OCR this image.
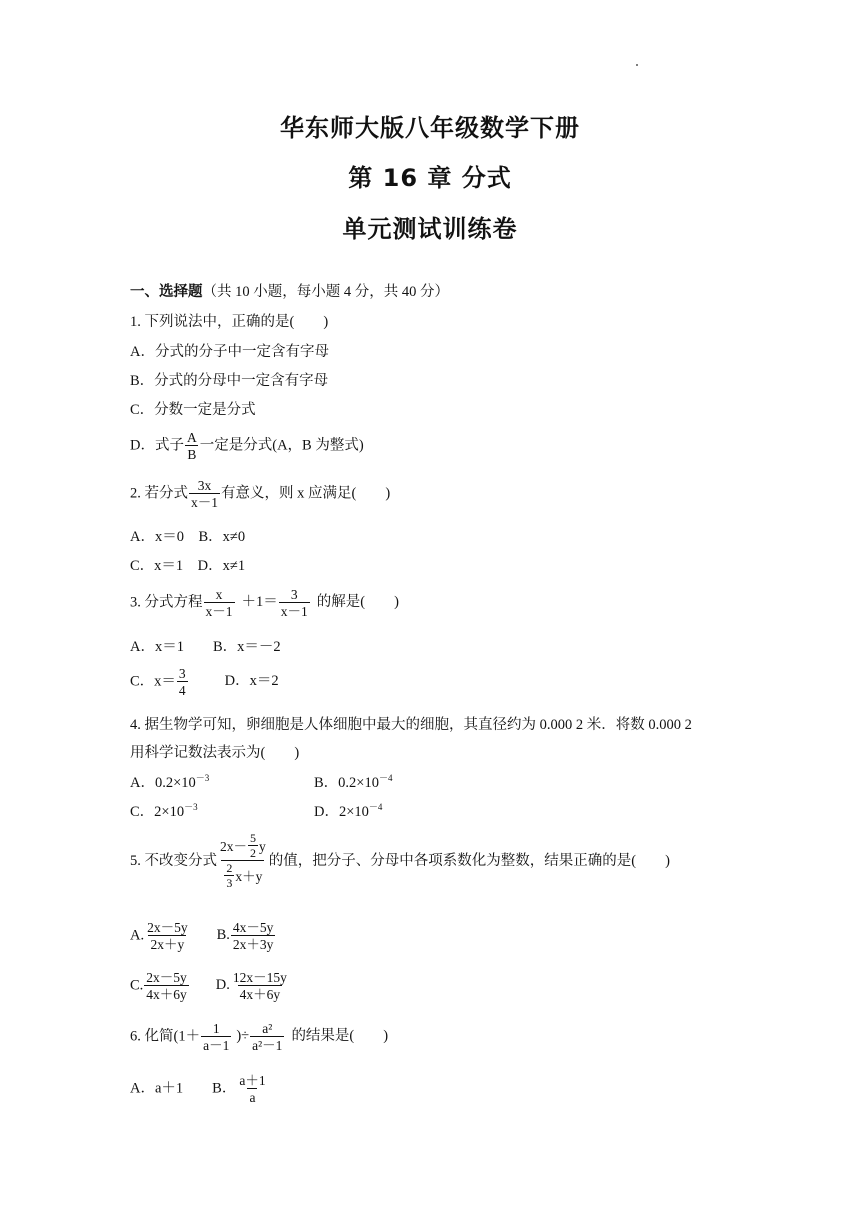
华东师大版八年级数学下册
第 16 章 分式
单元测试训练卷
一、选择题（共 10 小题，每小题 4 分，共 40 分）
1. 下列说法中，正确的是(　　)
A．分式的分子中一定含有字母
B．分式的分母中一定含有字母
C．分数一定是分式
D．式子 $\frac{A}{B}$ 一定是分式(A，B 为整式)
2. 若分式 $\frac{3x}{x-1}$ 有意义，则 x 应满足(　　)
A．x＝0　B．x≠0
C．x＝1　D．x≠1
3. 分式方程 $\frac{x}{x-1} +1= \frac{3}{x-1}$ 的解是(　　)
A．x＝1　　B．x＝－2
C．$x= \frac{3}{4}$	D．x＝2
4. 据生物学可知，卵细胞是人体细胞中最大的细胞，其直径约为 0.000 2 米．将数 0.000 2
用科学记数法表示为(　　)
A．$0.2\times 10^{-3}$	B．$0.2\times 10^{-4}$
C．$2\times 10^{-3}$	D．$2\times 10^{-4}$
5. 不改变分式 $\frac{2x- \frac{5}{2} y}{\frac{2}{3} x+y}$ 的值，把分子、分母中各项系数化为整数，结果正确的是(　　)
A. $\frac{2x-5y}{2x+y} B$. $\frac{4x-5y}{2x+3y}$
C. $\frac{2x-5y}{4x+6y} D$. $\frac{12x-15y}{4x+6y}$
6. 化简($1+ \frac{1}{a-1}$ )÷ $\frac{\text{a²}}{\text{a²－1}}$ 的结果是(　　)
A．a＋1　　B． $\frac{a+1}{a}$
